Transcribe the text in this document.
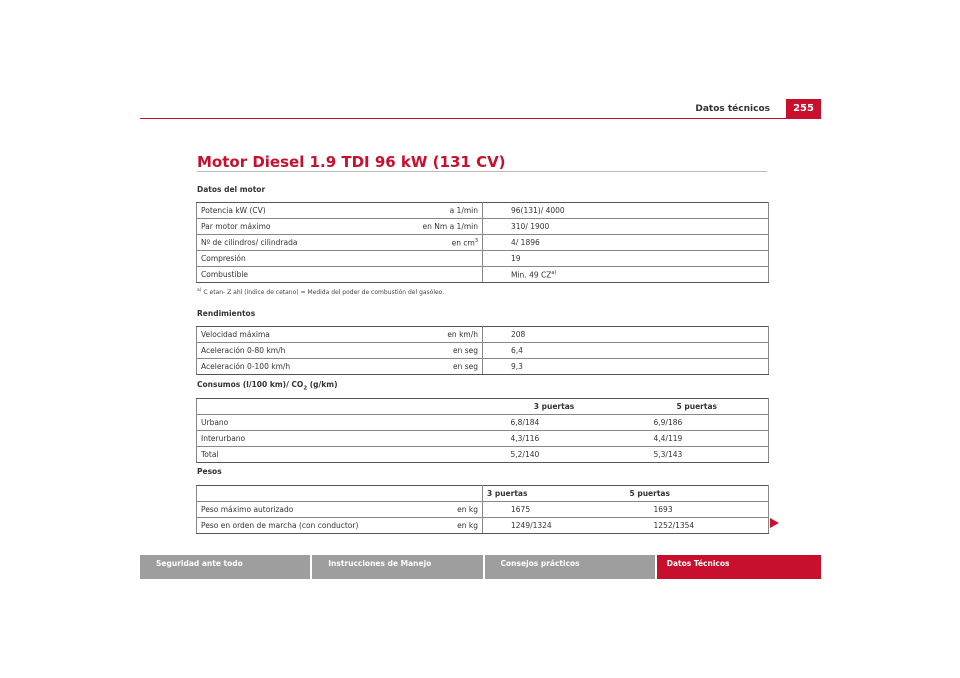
Datos técnicos	255
Motor Diesel 1.9 TDI 96 kW (131 CV)
Datos del motor
Potencia kW (CV)	a 1/min	96(131)/ 4000
Par motor máximo	en Nm a 1/min	310/ 1900
Nº de cilindros/ cilindrada	en $cm^3$	4/ 1896
Compresión		19
Combustible		Min. 49 CZ$^{a)}$
$^{a)}$ C etan- Z ahl (índice de cetano) = Medida del poder de combustión del gasóleo.
Rendimientos
Velocidad máxima	en km/h	208
Aceleración 0-80 km/h	en seg	6,4
Aceleración 0-100 km/h	en seg	9,3
Consumos (l/100 km)/ $CO_2$ (g/km)
	3 puertas	5 puertas
Urbano	6,8/184	6,9/186
Interurbano	4,3/116	4,4/119
Total	5,2/140	5,3/143
Pesos
		3 puertas	5 puertas
Peso máximo autorizado	en kg	1675	1693
Peso en orden de marcha (con conductor)	en kg	1249/1324	1252/1354
Seguridad ante todo	Instrucciones de Manejo	Consejos prácticos	Datos Técnicos
